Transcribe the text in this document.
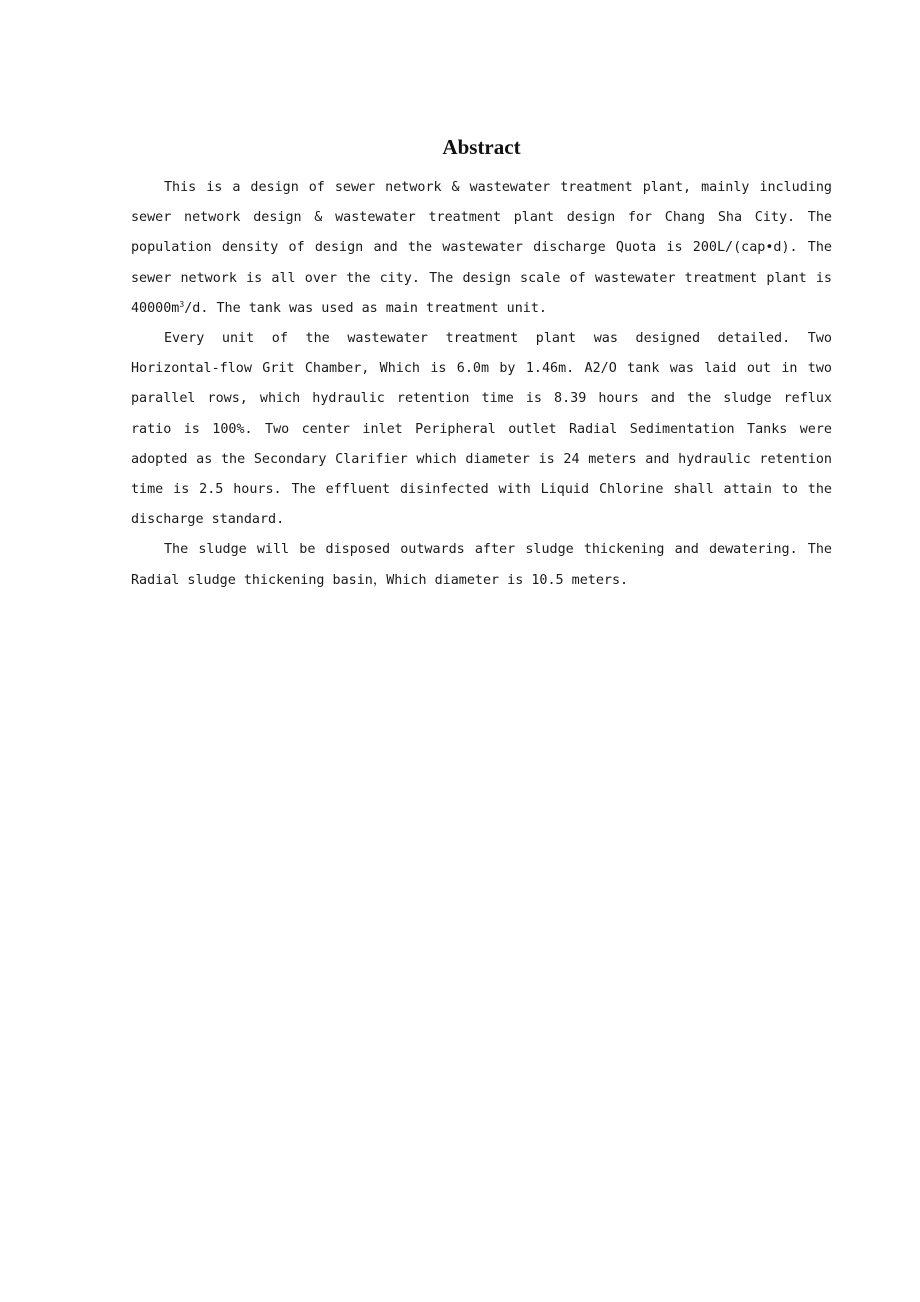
Abstract

This is a design of sewer network & wastewater treatment plant, mainly including sewer network design & wastewater treatment plant design for Chang Sha City. The population density of design and the wastewater discharge Quota is 200L/(cap•d). The sewer network is all over the city. The design scale of wastewater treatment plant is $40000m^3/d$. The tank was used as main treatment unit.

Every unit of the wastewater treatment plant was designed detailed. Two Horizontal-flow Grit Chamber, Which is 6.0m by 1.46m. A2/O tank was laid out in two parallel rows, which hydraulic retention time is 8.39 hours and the sludge reflux ratio is 100%. Two center inlet Peripheral outlet Radial Sedimentation Tanks were adopted as the Secondary Clarifier which diameter is 24 meters and hydraulic retention time is 2.5 hours. The effluent disinfected with Liquid Chlorine shall attain to the discharge standard.

The sludge will be disposed outwards after sludge thickening and dewatering. The Radial sludge thickening basin，Which diameter is 10.5 meters.
